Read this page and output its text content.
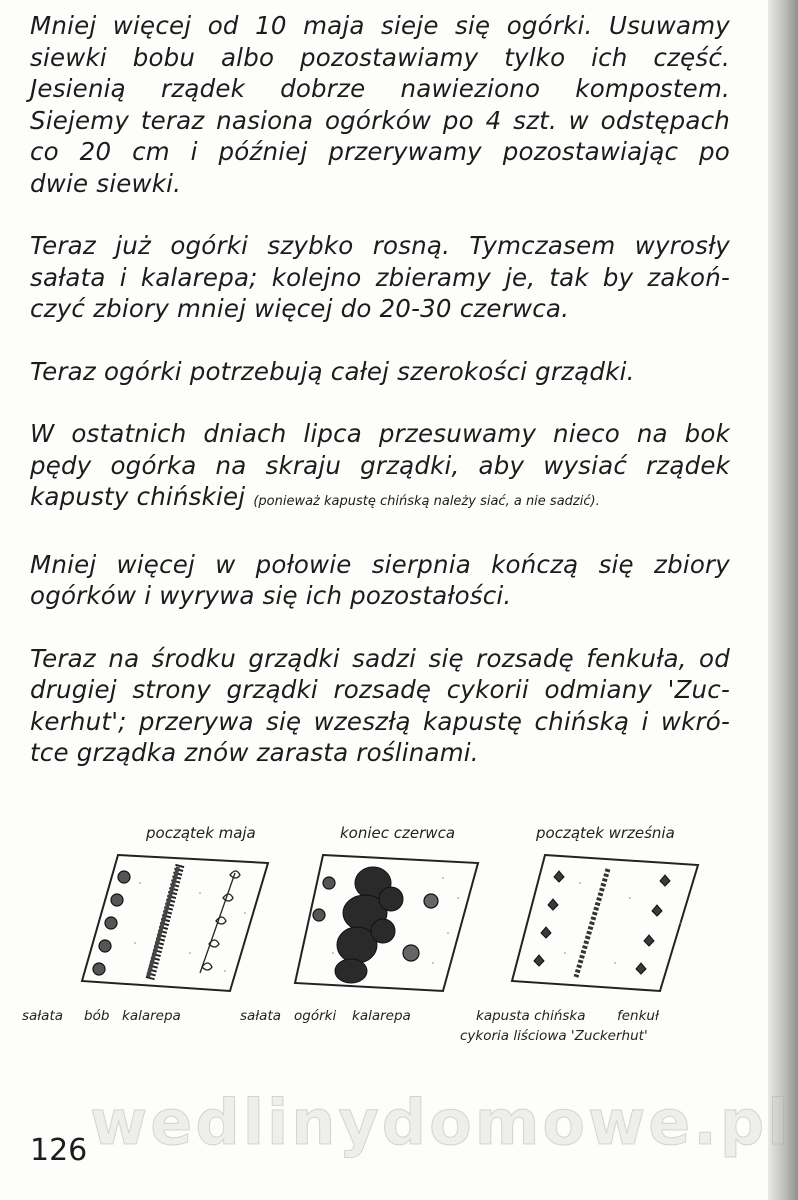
Mniej więcej od 10 maja sieje się ogórki. Usuwamy
siewki bobu albo pozostawiamy tylko ich część.
Jesienią rządek dobrze nawieziono kompostem.
Siejemy teraz nasiona ogórków po 4 szt. w odstępach
co 20 cm i później przerywamy pozostawiając po
dwie siewki.

Teraz już ogórki szybko rosną. Tymczasem wyrosły
sałata i kalarepa; kolejno zbieramy je, tak by zakoń-
czyć zbiory mniej więcej do 20-30 czerwca.

Teraz ogórki potrzebują całej szerokości grządki.

W ostatnich dniach lipca przesuwamy nieco na bok
pędy ogórka na skraju grządki, aby wysiać rządek
kapusty chińskiej (ponieważ kapustę chińską należy siać, a nie sadzić).

Mniej więcej w połowie sierpnia kończą się zbiory
ogórków i wyrywa się ich pozostałości.

Teraz na środku grządki sadzi się rozsadę fenkuła, od
drugiej strony grządki rozsadę cykorii odmiany 'Zuc-
kerhut'; przerywa się wzeszłą kapustę chińską i wkró-
tce grządka znów zarasta roślinami.

początek maja	koniec czerwca	początek września
sałata bób kalarepa	sałata ogórki kalarepa	kapusta chińska fenkuł
cykoria liściowa 'Zuckerhut'
wedlinydomowe.pl
126
